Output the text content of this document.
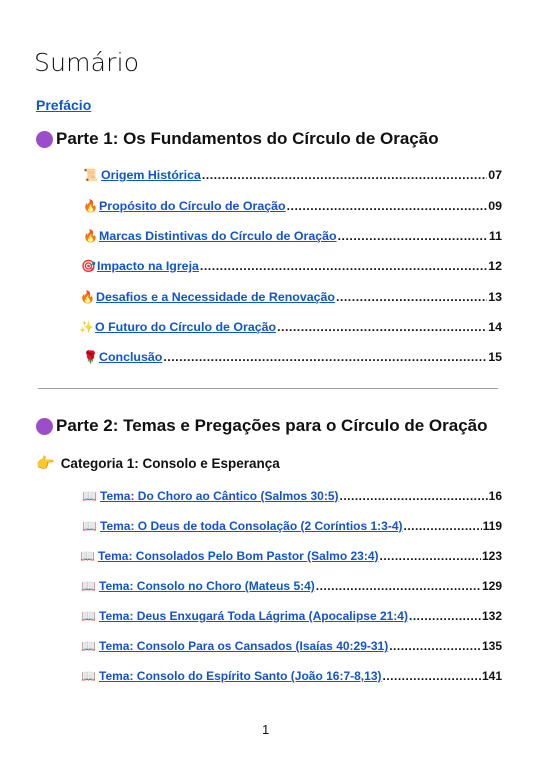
Sumário
Prefácio
Parte 1: Os Fundamentos do Círculo de Oração
📜 Origem Histórica .....	07
🔥 Propósito do Círculo de Oração .....	09
🔥 Marcas Distintivas do Círculo de Oração .....	11
🎯 Impacto na Igreja .....	12
🔥 Desafios e a Necessidade de Renovação .....	13
✨ O Futuro do Círculo de Oração .....	14
🌹 Conclusão .....	15
Parte 2: Temas e Pregações para o Círculo de Oração
👉 Categoria 1: Consolo e Esperança
📖 Tema: Do Choro ao Cântico (Salmos 30:5) .....	16
📖 Tema: O Deus de toda Consolação (2 Coríntios 1:3-4) .....	119
📖 Tema: Consolados Pelo Bom Pastor (Salmo 23:4) .....	123
📖 Tema: Consolo no Choro (Mateus 5:4) .....	129
📖 Tema: Deus Enxugará Toda Lágrima (Apocalipse 21:4) .....	132
📖 Tema: Consolo Para os Cansados (Isaías 40:29-31) .....	135
📖 Tema: Consolo do Espírito Santo (João 16:7-8,13) .....	141
1
